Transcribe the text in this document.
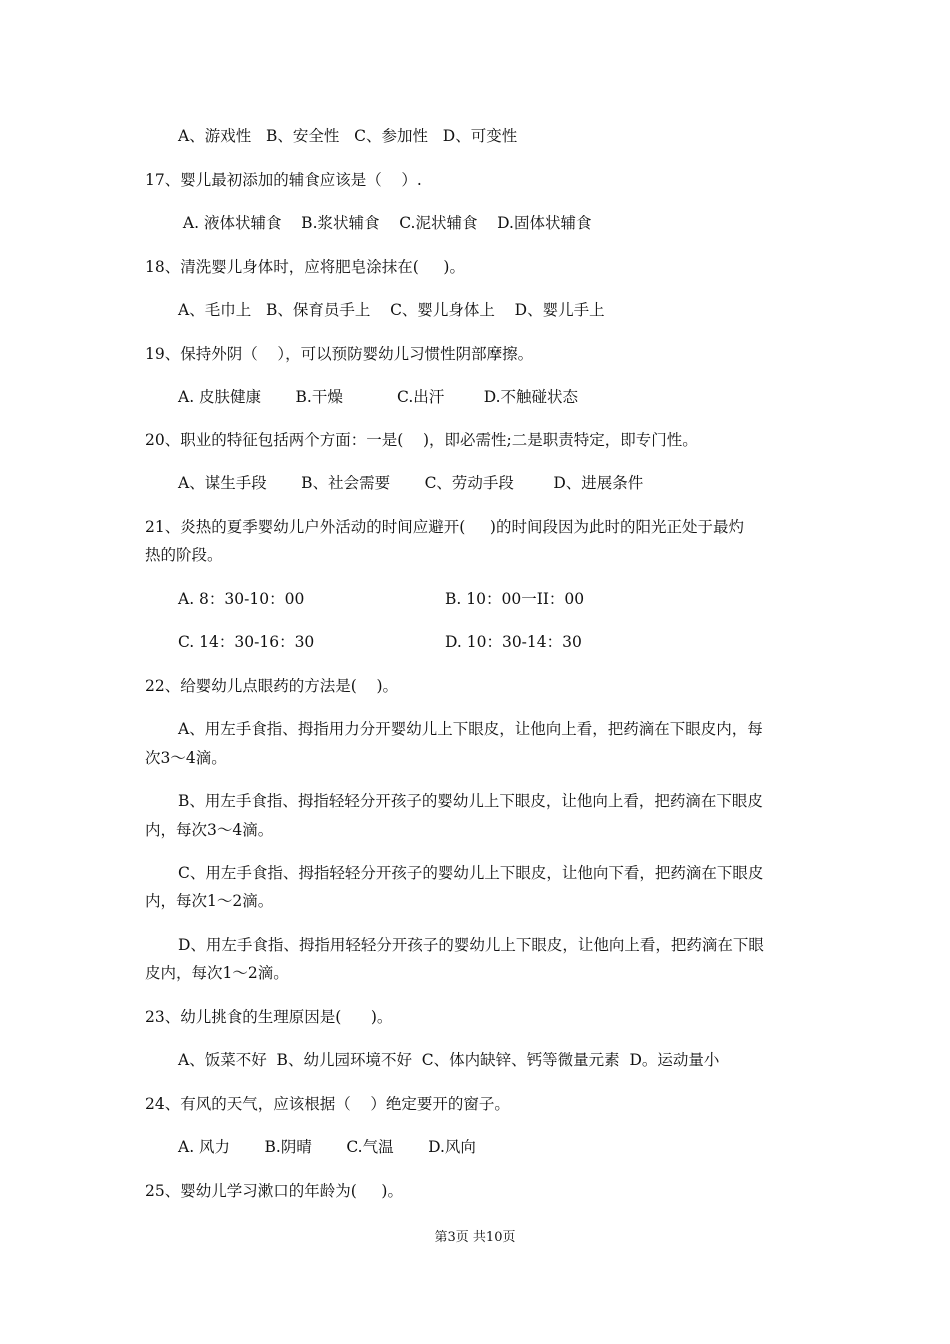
A、游戏性   B、安全性   C、参加性   D、可变性
17、婴儿最初添加的辅食应该是（    ）.
A. 液体状辅食    B.浆状辅食    C.泥状辅食    D.固体状辅食
18、清洗婴儿身体时，应将肥皂涂抹在(     )。
A、毛巾上   B、保育员手上    C、婴儿身体上    D、婴儿手上
19、保持外阴（    ），可以预防婴幼儿习惯性阴部摩擦。
A. 皮肤健康       B.干燥           C.出汗        D.不触碰状态
20、职业的特征包括两个方面：一是(    )，即必需性;二是职责特定，即专门性。
A、谋生手段       B、社会需要       C、劳动手段        D、进展条件
21、炎热的夏季婴幼儿户外活动的时间应避开(     )的时间段因为此时的阳光正处于最灼
热的阶段。
A. 8：30-10：00	B. 10：00一II：00
C. 14：30-16：30	D. 10：30-14：30
22、给婴幼儿点眼药的方法是(    )。
A、用左手食指、拇指用力分开婴幼儿上下眼皮，让他向上看，把药滴在下眼皮内，每
次3～4滴。
B、用左手食指、拇指轻轻分开孩子的婴幼儿上下眼皮，让他向上看，把药滴在下眼皮
内，每次3～4滴。
C、用左手食指、拇指轻轻分开孩子的婴幼儿上下眼皮，让他向下看，把药滴在下眼皮
内，每次1～2滴。
D、用左手食指、拇指用轻轻分开孩子的婴幼儿上下眼皮，让他向上看，把药滴在下眼
皮内，每次1～2滴。
23、幼儿挑食的生理原因是(      )。
A、饭菜不好  B、幼儿园环境不好  C、体内缺锌、钙等微量元素  D。运动量小
24、有风的天气，应该根据（    ）绝定要开的窗子。
A. 风力       B.阴晴       C.气温       D.风向
25、婴幼儿学习漱口的年龄为(     )。
第3页 共10页
